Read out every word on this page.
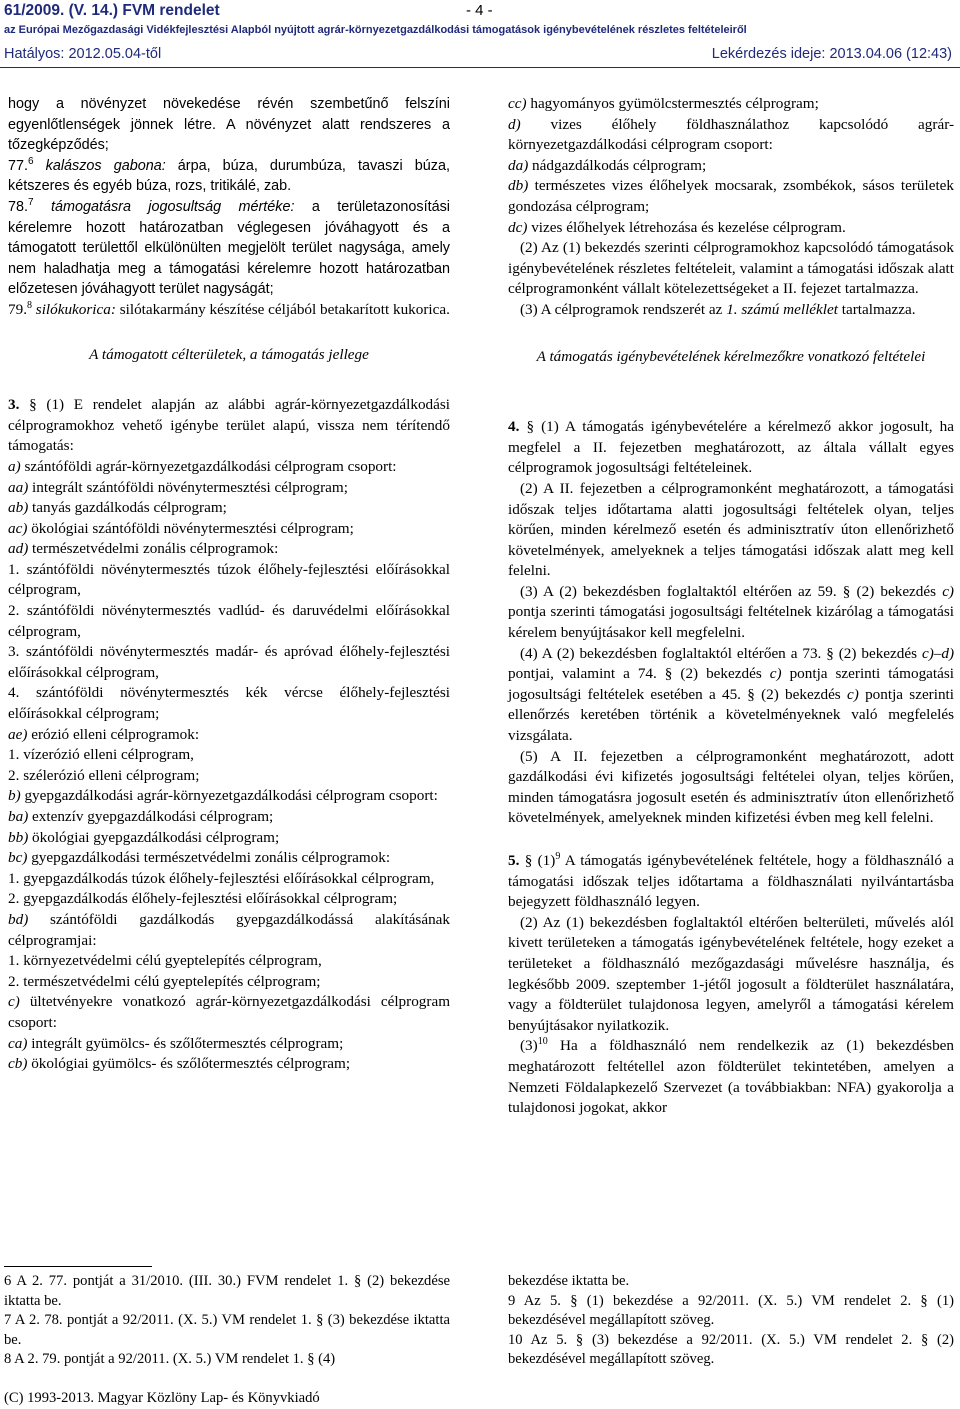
61/2009. (V. 14.) FVM rendelet	- 4 -
az Európai Mezőgazdasági Vidékfejlesztési Alapból nyújtott agrár-környezetgazdálkodási támogatások igénybevételének részletes feltételeiről
Hatályos: 2012.05.04-től	Lekérdezés ideje: 2013.04.06 (12:43)

hogy a növényzet növekedése révén szembetűnő felszíni egyenlőtlenségek jönnek létre. A növényzet alatt rendszeres a tőzegképződés;

77.$^6$ kalászos gabona: árpa, búza, durumbúza, tavaszi búza, kétszeres és egyéb búza, rozs, tritikálé, zab.

78.$^7$ támogatásra jogosultság mértéke: a területazonosítási kérelemre hozott határozatban véglegesen jóváhagyott és a támogatott területtől elkülönülten megjelölt terület nagysága, amely nem haladhatja meg a támogatási kérelemre hozott határozatban előzetesen jóváhagyott terület nagyságát;

79.$^8$ silókukorica: silótakarmány készítése céljából betakarított kukorica.

A támogatott célterületek, a támogatás jellege

3. § (1) E rendelet alapján az alábbi agrár-környezetgazdálkodási célprogramokhoz vehető igénybe terület alapú, vissza nem térítendő támogatás:

a) szántóföldi agrár-környezetgazdálkodási célprogram csoport:

aa) integrált szántóföldi növénytermesztési célprogram;

ab) tanyás gazdálkodás célprogram;

ac) ökológiai szántóföldi növénytermesztési célprogram;

ad) természetvédelmi zonális célprogramok:

1. szántóföldi növénytermesztés túzok élőhely-fejlesztési előírásokkal célprogram,

2. szántóföldi növénytermesztés vadlúd- és daruvédelmi előírásokkal célprogram,

3. szántóföldi növénytermesztés madár- és apróvad élőhely-fejlesztési előírásokkal célprogram,

4. szántóföldi növénytermesztés kék vércse élőhely-fejlesztési előírásokkal célprogram;

ae) erózió elleni célprogramok:

1. vízerózió elleni célprogram,

2. szélerózió elleni célprogram;

b) gyepgazdálkodási agrár-környezetgazdálkodási célprogram csoport:

ba) extenzív gyepgazdálkodási célprogram;

bb) ökológiai gyepgazdálkodási célprogram;

bc) gyepgazdálkodási természetvédelmi zonális célprogramok:

1. gyepgazdálkodás túzok élőhely-fejlesztési előírásokkal célprogram,

2. gyepgazdálkodás élőhely-fejlesztési előírásokkal célprogram;

bd) szántóföldi gazdálkodás gyepgazdálkodássá alakításának célprogramjai:

1. környezetvédelmi célú gyeptelepítés célprogram,

2. természetvédelmi célú gyeptelepítés célprogram;

c) ültetvényekre vonatkozó agrár-környezetgazdálkodási célprogram csoport:

ca) integrált gyümölcs- és szőlőtermesztés célprogram;

cb) ökológiai gyümölcs- és szőlőtermesztés célprogram;

cc) hagyományos gyümölcstermesztés célprogram;

d) vizes élőhely földhasználathoz kapcsolódó agrár-környezetgazdálkodási célprogram csoport:

da) nádgazdálkodás célprogram;

db) természetes vizes élőhelyek mocsarak, zsombékok, sásos területek gondozása célprogram;

dc) vizes élőhelyek létrehozása és kezelése célprogram.

(2) Az (1) bekezdés szerinti célprogramokhoz kapcsolódó támogatások igénybevételének részletes feltételeit, valamint a támogatási időszak alatt célprogramonként vállalt kötelezettségeket a II. fejezet tartalmazza.

(3) A célprogramok rendszerét az 1. számú melléklet tartalmazza.

A támogatás igénybevételének kérelmezőkre vonatkozó feltételei

4. § (1) A támogatás igénybevételére a kérelmező akkor jogosult, ha megfelel a II. fejezetben meghatározott, az általa vállalt egyes célprogramok jogosultsági feltételeinek.

(2) A II. fejezetben a célprogramonként meghatározott, a támogatási időszak teljes időtartama alatti jogosultsági feltételek olyan, teljes körűen, minden kérelmező esetén és adminisztratív úton ellenőrizhető követelmények, amelyeknek a teljes támogatási időszak alatt meg kell felelni.

(3) A (2) bekezdésben foglaltaktól eltérően az 59. § (2) bekezdés c) pontja szerinti támogatási jogosultsági feltételnek kizárólag a támogatási kérelem benyújtásakor kell megfelelni.

(4) A (2) bekezdésben foglaltaktól eltérően a 73. § (2) bekezdés c)–d) pontjai, valamint a 74. § (2) bekezdés c) pontja szerinti támogatási jogosultsági feltételek esetében a 45. § (2) bekezdés c) pontja szerinti ellenőrzés keretében történik a követelményeknek való megfelelés vizsgálata.

(5) A II. fejezetben a célprogramonként meghatározott, adott gazdálkodási évi kifizetés jogosultsági feltételei olyan, teljes körűen, minden támogatásra jogosult esetén és adminisztratív úton ellenőrizhető követelmények, amelyeknek minden kifizetési évben meg kell felelni.

5. § $(1)^9$ A támogatás igénybevételének feltétele, hogy a földhasználó a támogatási időszak teljes időtartama a földhasználati nyilvántartásba bejegyzett földhasználó legyen.

(2) Az (1) bekezdésben foglaltaktól eltérően belterületi, művelés alól kivett területeken a támogatás igénybevételének feltétele, hogy ezeket a területeket a földhasználó mezőgazdasági művelésre használja, és legkésőbb 2009. szeptember 1-jétől jogosult a földterület használatára, vagy a földterület tulajdonosa legyen, amelyről a támogatási kérelem benyújtásakor nyilatkozik.

$(3)^{10}$ Ha a földhasználó nem rendelkezik az (1) bekezdésben meghatározott feltétellel azon földterület tekintetében, amelyen a Nemzeti Földalapkezelő Szervezet (a továbbiakban: NFA) gyakorolja a tulajdonosi jogokat, akkor

6 A 2. 77. pontját a 31/2010. (III. 30.) FVM rendelet 1. § (2) bekezdése iktatta be.
7 A 2. 78. pontját a 92/2011. (X. 5.) VM rendelet 1. § (3) bekezdése iktatta be.
8 A 2. 79. pontját a 92/2011. (X. 5.) VM rendelet 1. § (4)
bekezdése iktatta be.
9 Az 5. § (1) bekezdése a 92/2011. (X. 5.) VM rendelet 2. § (1) bekezdésével megállapított szöveg.
10 Az 5. § (3) bekezdése a 92/2011. (X. 5.) VM rendelet 2. § (2) bekezdésével megállapított szöveg.
(C) 1993-2013. Magyar Közlöny Lap- és Könyvkiadó
